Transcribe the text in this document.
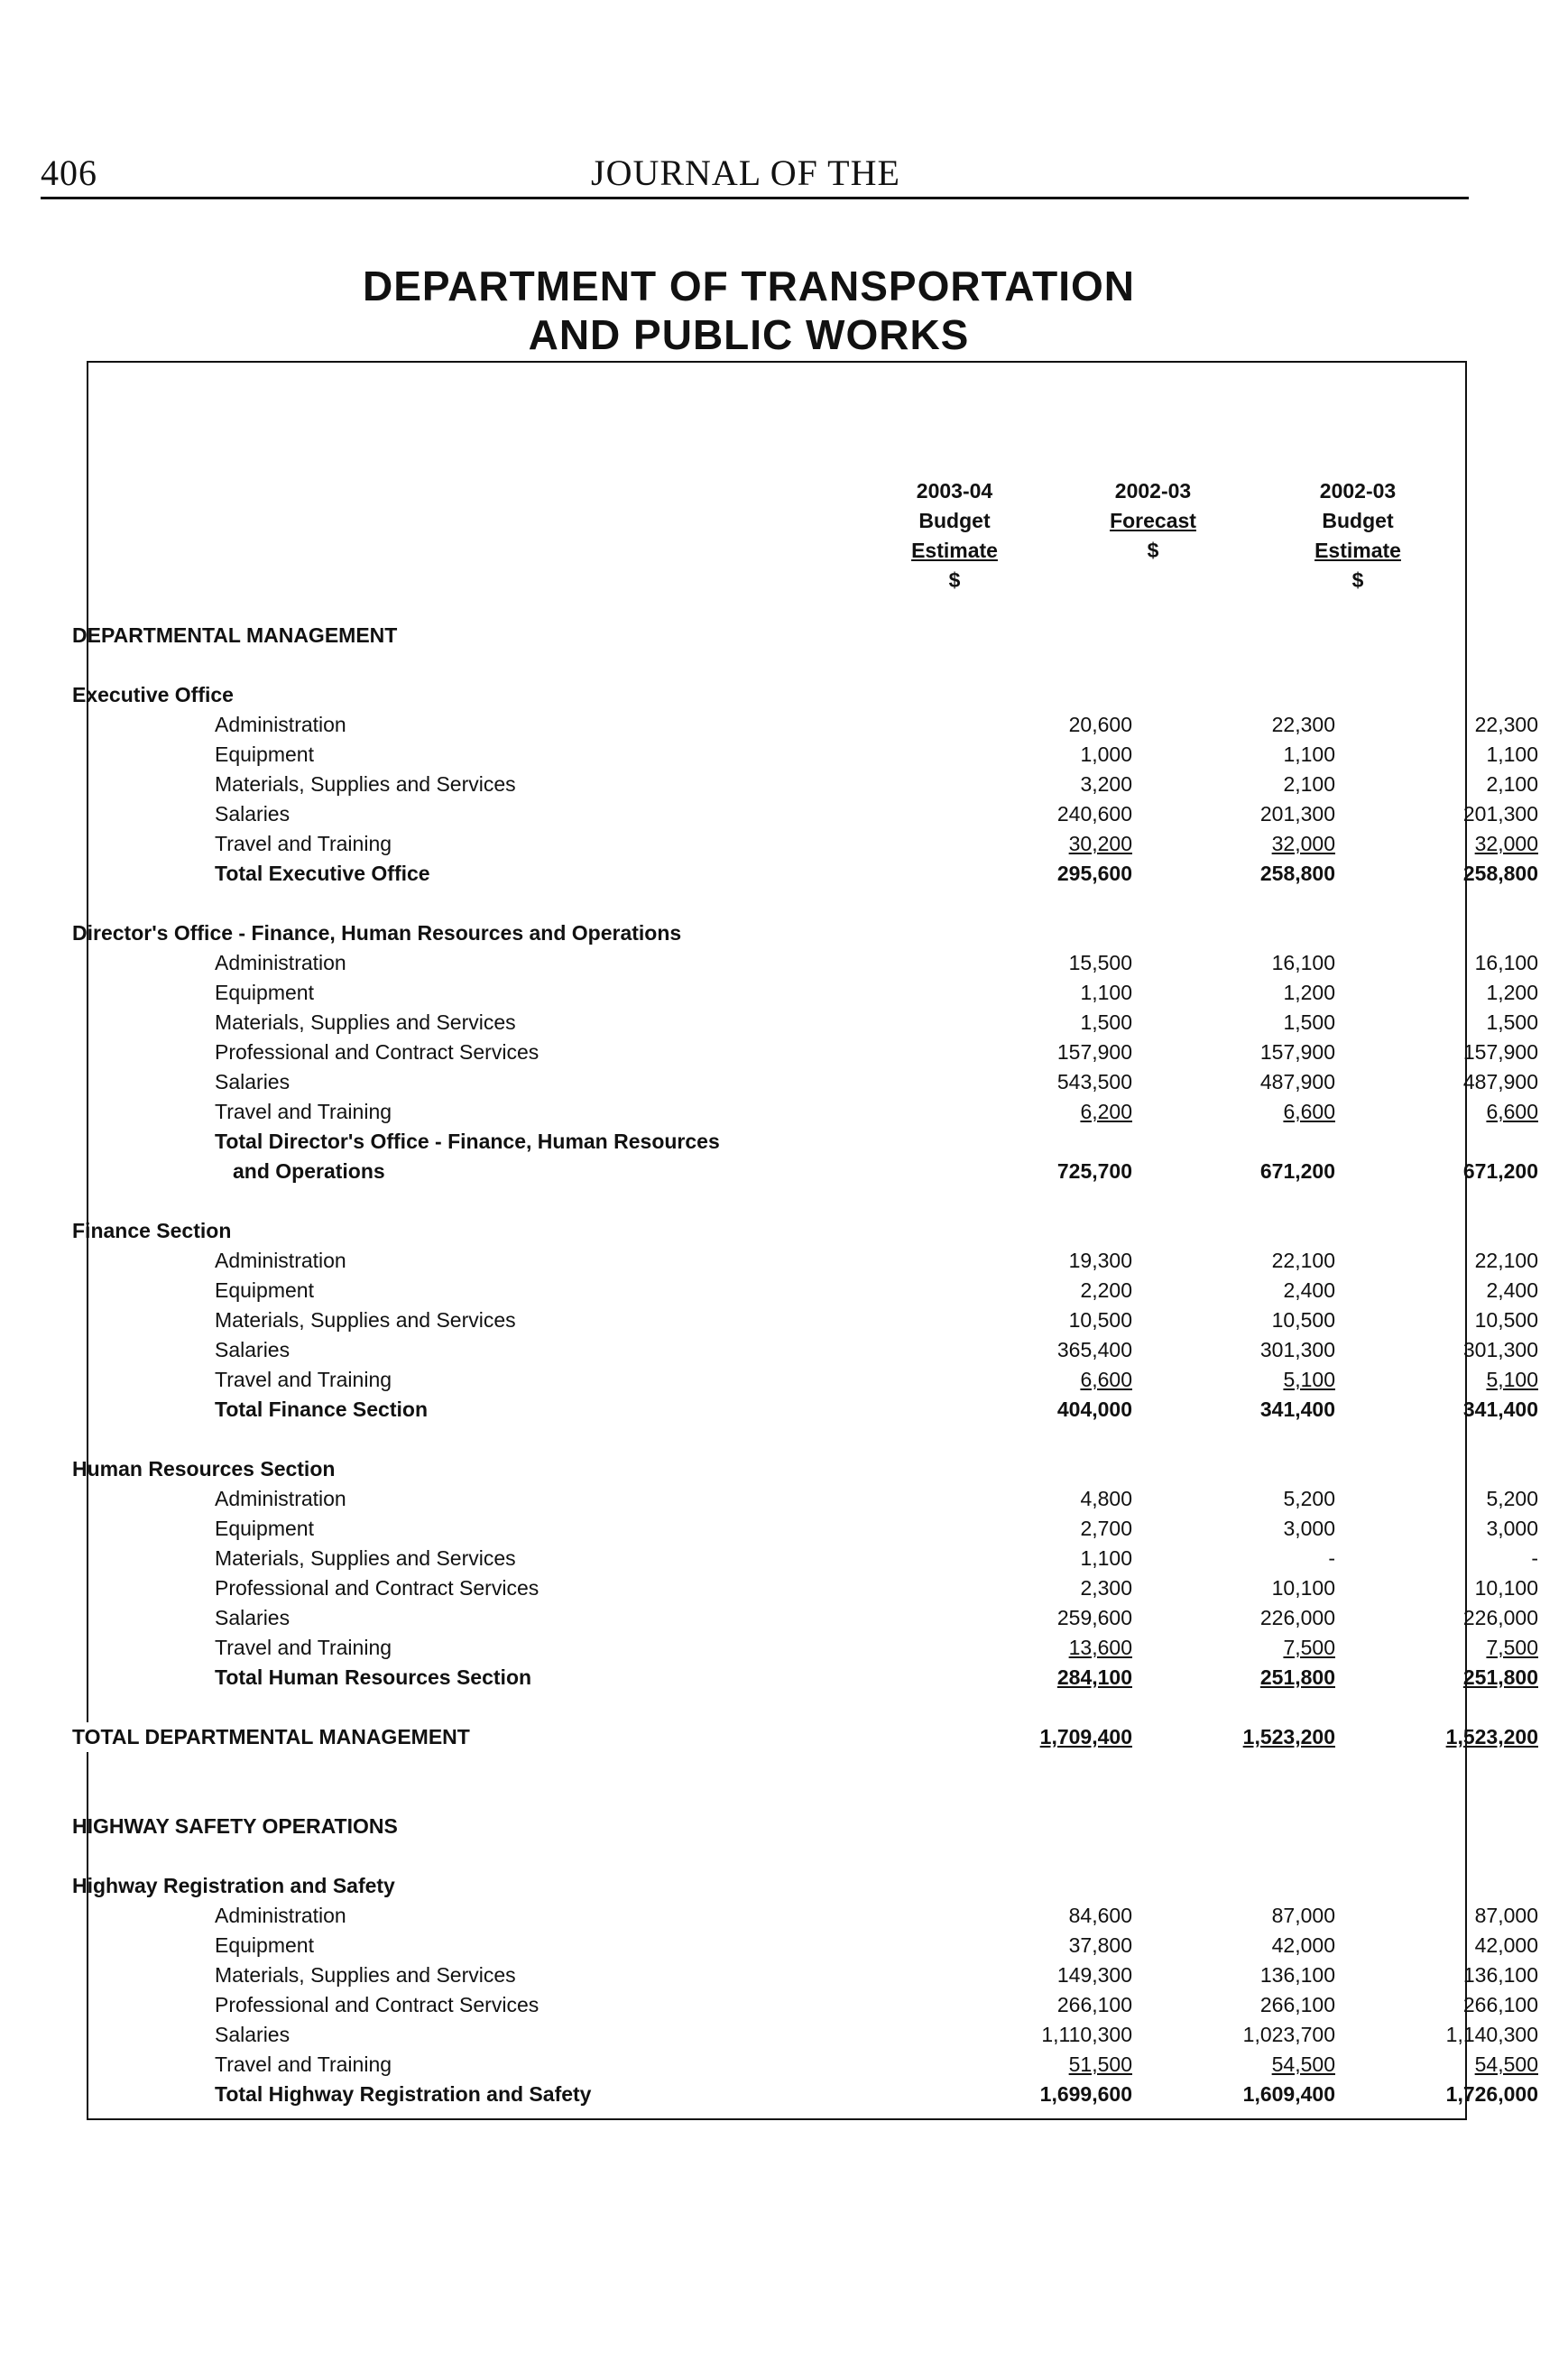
406	JOURNAL OF THE
DEPARTMENT OF TRANSPORTATION
AND PUBLIC WORKS
2003-04
Budget
Estimate
$
2002-03
Forecast
$
2002-03
Budget
Estimate
$
DEPARTMENTAL MANAGEMENT
Executive Office
Administration	20,600	22,300	22,300
Equipment	1,000	1,100	1,100
Materials, Supplies and Services	3,200	2,100	2,100
Salaries	240,600	201,300	201,300
Travel and Training	30,200	32,000	32,000
Total Executive Office	295,600	258,800	258,800
Director's Office - Finance, Human Resources and Operations
Administration	15,500	16,100	16,100
Equipment	1,100	1,200	1,200
Materials, Supplies and Services	1,500	1,500	1,500
Professional and Contract Services	157,900	157,900	157,900
Salaries	543,500	487,900	487,900
Travel and Training	6,200	6,600	6,600
Total Director's Office - Finance, Human Resources
and Operations	725,700	671,200	671,200
Finance Section
Administration	19,300	22,100	22,100
Equipment	2,200	2,400	2,400
Materials, Supplies and Services	10,500	10,500	10,500
Salaries	365,400	301,300	301,300
Travel and Training	6,600	5,100	5,100
Total Finance Section	404,000	341,400	341,400
Human Resources Section
Administration	4,800	5,200	5,200
Equipment	2,700	3,000	3,000
Materials, Supplies and Services	1,100	-	-
Professional and Contract Services	2,300	10,100	10,100
Salaries	259,600	226,000	226,000
Travel and Training	13,600	7,500	7,500
Total Human Resources Section	284,100	251,800	251,800
TOTAL DEPARTMENTAL MANAGEMENT	1,709,400	1,523,200	1,523,200
HIGHWAY SAFETY OPERATIONS
Highway Registration and Safety
Administration	84,600	87,000	87,000
Equipment	37,800	42,000	42,000
Materials, Supplies and Services	149,300	136,100	136,100
Professional and Contract Services	266,100	266,100	266,100
Salaries	1,110,300	1,023,700	1,140,300
Travel and Training	51,500	54,500	54,500
Total Highway Registration and Safety	1,699,600	1,609,400	1,726,000
